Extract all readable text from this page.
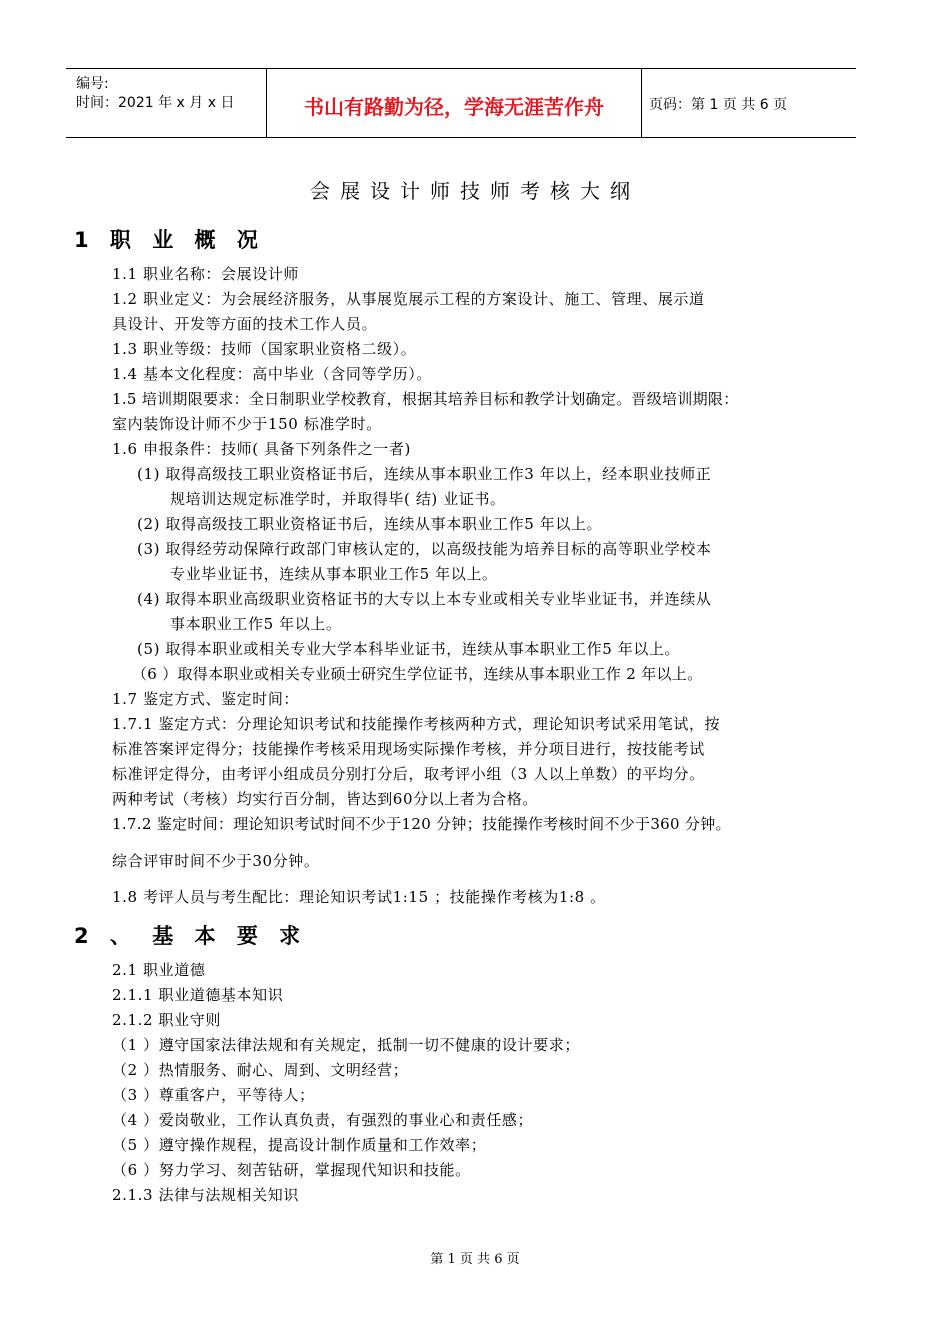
编号:
时间：2021 年 x 月 x 日	书山有路勤为径，学海无涯苦作舟	页码：第 1 页 共 6 页
会展设计师技师考核大纲
1 职 业 概 况
1.1 职业名称：会展设计师
1.2 职业定义：为会展经济服务，从事展览展示工程的方案设计、施工、管理、展示道
具设计、开发等方面的技术工作人员。
1.3 职业等级：技师（国家职业资格二级）。
1.4 基本文化程度：高中毕业（含同等学历）。
1.5 培训期限要求：全日制职业学校教育，根据其培养目标和教学计划确定。晋级培训期限：
室内装饰设计师不少于150 标准学时。
1.6 申报条件：技师( 具备下列条件之一者)
(1) 取得高级技工职业资格证书后，连续从事本职业工作3 年以上，经本职业技师正
规培训达规定标准学时，并取得毕( 结) 业证书。
(2) 取得高级技工职业资格证书后，连续从事本职业工作5 年以上。
(3) 取得经劳动保障行政部门审核认定的，以高级技能为培养目标的高等职业学校本
专业毕业证书，连续从事本职业工作5 年以上。
(4) 取得本职业高级职业资格证书的大专以上本专业或相关专业毕业证书，并连续从
事本职业工作5 年以上。
(5) 取得本职业或相关专业大学本科毕业证书，连续从事本职业工作5 年以上。
（6 ）取得本职业或相关专业硕士研究生学位证书，连续从事本职业工作 2 年以上。
1.7 鉴定方式、鉴定时间：
1.7.1 鉴定方式：分理论知识考试和技能操作考核两种方式，理论知识考试采用笔试，按
标准答案评定得分；技能操作考核采用现场实际操作考核，并分项目进行，按技能考试
标准评定得分，由考评小组成员分别打分后，取考评小组（3 人以上单数）的平均分。
两种考试（考核）均实行百分制，皆达到60分以上者为合格。
1.7.2 鉴定时间：理论知识考试时间不少于120 分钟；技能操作考核时间不少于360 分钟。
综合评审时间不少于30分钟。
1.8 考评人员与考生配比：理论知识考试1:15 ；技能操作考核为1:8 。
2 、 基 本 要 求
2.1 职业道德
2.1.1 职业道德基本知识
2.1.2 职业守则
（1 ）遵守国家法律法规和有关规定，抵制一切不健康的设计要求；
（2 ）热情服务、耐心、周到、文明经营；
（3 ）尊重客户，平等待人；
（4 ）爱岗敬业，工作认真负责，有强烈的事业心和责任感；
（5 ）遵守操作规程，提高设计制作质量和工作效率；
（6 ）努力学习、刻苦钻研，掌握现代知识和技能。
2.1.3 法律与法规相关知识
第 1 页 共 6 页
